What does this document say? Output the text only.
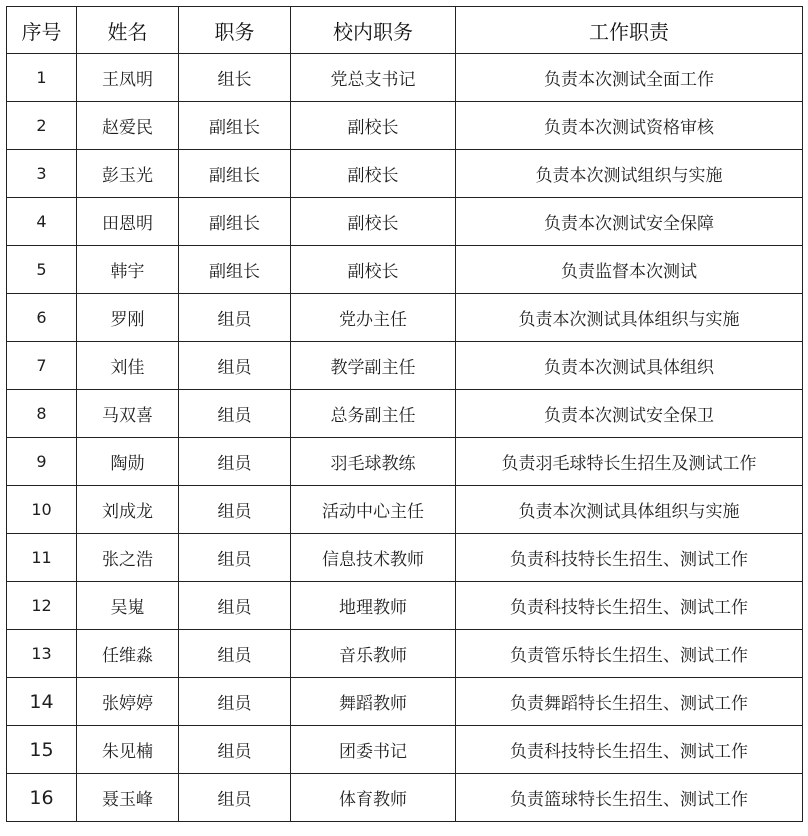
序号	姓名	职务	校内职务	工作职责
1	王凤明	组长	党总支书记	负责本次测试全面工作
2	赵爱民	副组长	副校长	负责本次测试资格审核
3	彭玉光	副组长	副校长	负责本次测试组织与实施
4	田恩明	副组长	副校长	负责本次测试安全保障
5	韩宇	副组长	副校长	负责监督本次测试
6	罗刚	组员	党办主任	负责本次测试具体组织与实施
7	刘佳	组员	教学副主任	负责本次测试具体组织
8	马双喜	组员	总务副主任	负责本次测试安全保卫
9	陶勋	组员	羽毛球教练	负责羽毛球特长生招生及测试工作
10	刘成龙	组员	活动中心主任	负责本次测试具体组织与实施
11	张之浩	组员	信息技术教师	负责科技特长生招生、测试工作
12	吴嵬	组员	地理教师	负责科技特长生招生、测试工作
13	任维淼	组员	音乐教师	负责管乐特长生招生、测试工作
14	张婷婷	组员	舞蹈教师	负责舞蹈特长生招生、测试工作
15	朱见楠	组员	团委书记	负责科技特长生招生、测试工作
16	聂玉峰	组员	体育教师	负责篮球特长生招生、测试工作
